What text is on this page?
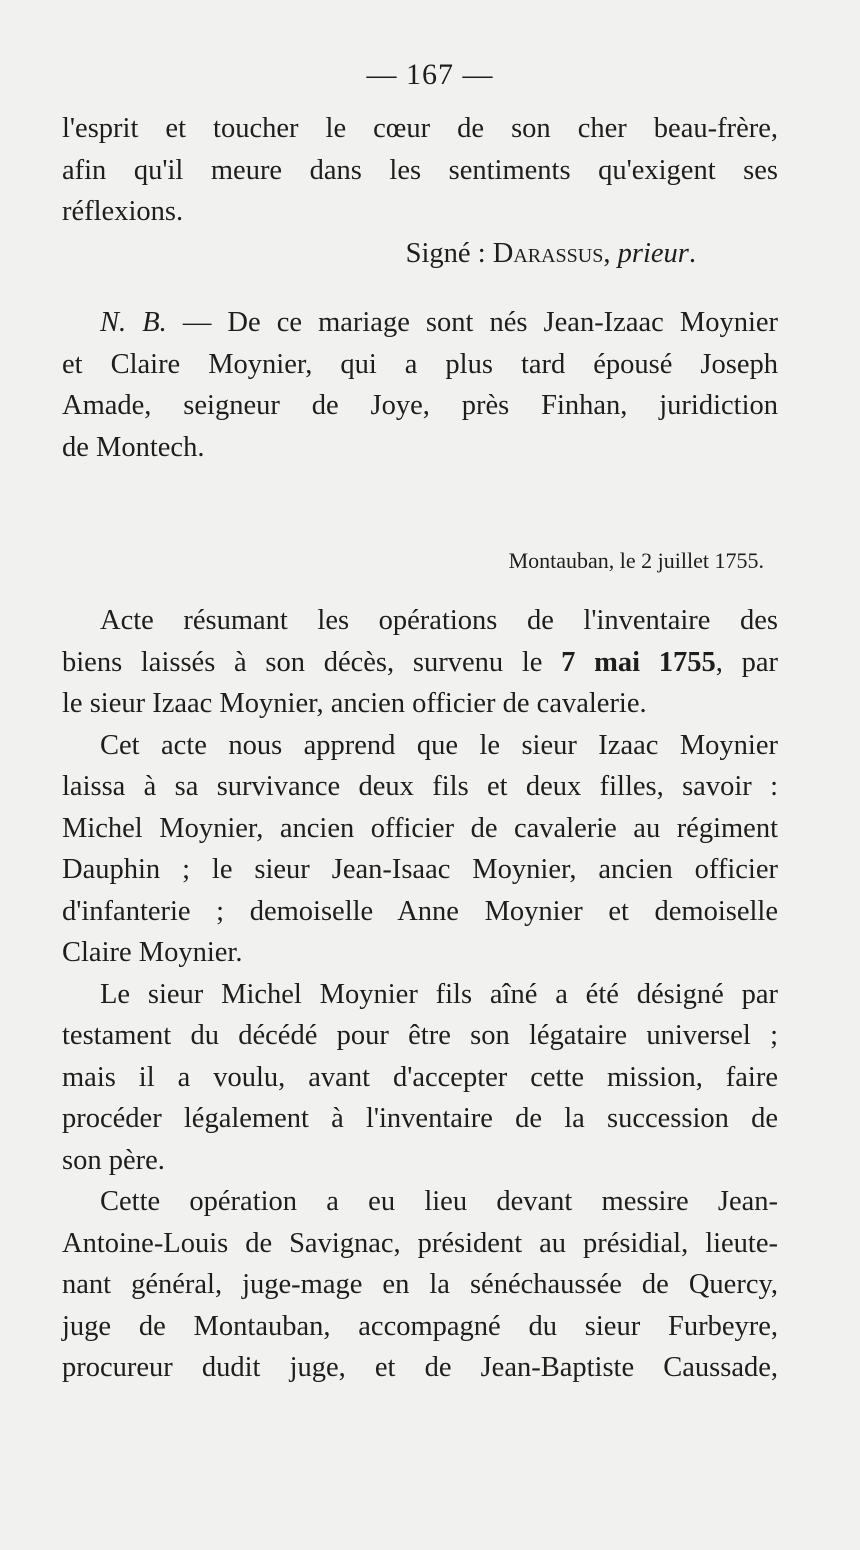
— 167 —

l'esprit et toucher le cœur de son cher beau-frère,

afin qu'il meure dans les sentiments qu'exigent ses

réflexions.

Signé : Darassus, prieur.

N. B. — De ce mariage sont nés Jean-Izaac Moynier

et Claire Moynier, qui a plus tard épousé Joseph

Amade, seigneur de Joye, près Finhan, juridiction

de Montech.

Montauban, le 2 juillet 1755.

Acte résumant les opérations de l'inventaire des

biens laissés à son décès, survenu le 7 mai 1755, par

le sieur Izaac Moynier, ancien officier de cavalerie.

Cet acte nous apprend que le sieur Izaac Moynier

laissa à sa survivance deux fils et deux filles, savoir :

Michel Moynier, ancien officier de cavalerie au régiment

Dauphin ; le sieur Jean-Isaac Moynier, ancien officier

d'infanterie ; demoiselle Anne Moynier et demoiselle

Claire Moynier.

Le sieur Michel Moynier fils aîné a été désigné par

testament du décédé pour être son légataire universel ;

mais il a voulu, avant d'accepter cette mission, faire

procéder légalement à l'inventaire de la succession de

son père.

Cette opération a eu lieu devant messire Jean-

Antoine-Louis de Savignac, président au présidial, lieute-

nant général, juge-mage en la sénéchaussée de Quercy,

juge de Montauban, accompagné du sieur Furbeyre,

procureur dudit juge, et de Jean-Baptiste Caussade,
